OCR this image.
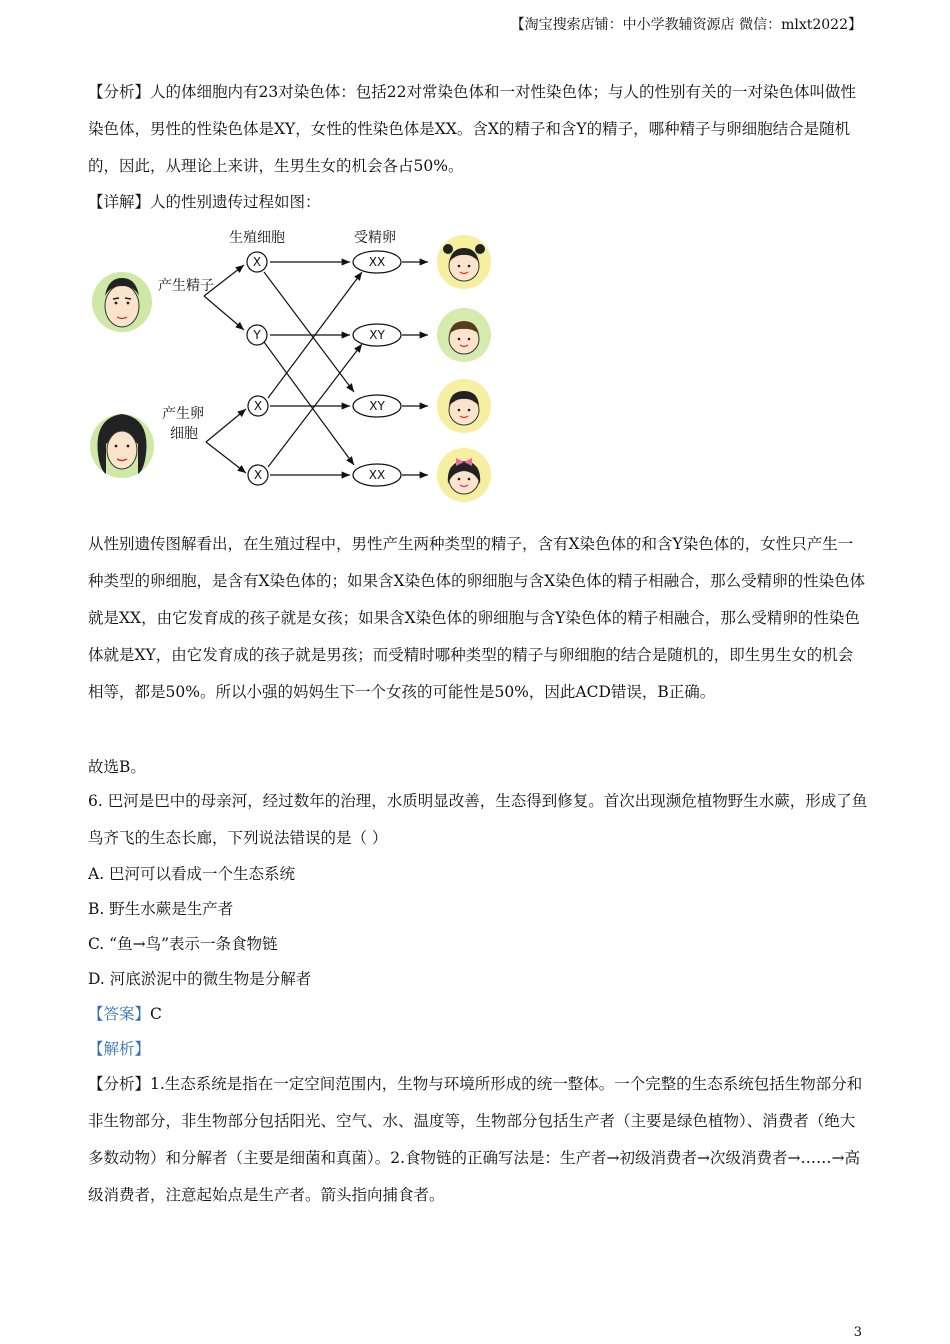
【淘宝搜索店铺：中小学教辅资源店 微信：mlxt2022】

【分析】人的体细胞内有23对染色体：包括22对常染色体和一对性染色体；与人的性别有关的一对染色体叫做性染色体，男性的性染色体是XY，女性的性染色体是XX。含X的精子和含Y的精子，哪种精子与卵细胞结合是随机的，因此，从理论上来讲，生男生女的机会各占50%。

【详解】人的性别遗传过程如图：
生殖细胞	受精卵
产生精子
产生卵
细胞
X
Y
X
X
XX
XY
XY
XX

从性别遗传图解看出，在生殖过程中，男性产生两种类型的精子，含有X染色体的和含Y染色体的，女性只产生一种类型的卵细胞，是含有X染色体的；如果含X染色体的卵细胞与含X染色体的精子相融合，那么受精卵的性染色体就是XX，由它发育成的孩子就是女孩；如果含X染色体的卵细胞与含Y染色体的精子相融合，那么受精卵的性染色体就是XY，由它发育成的孩子就是男孩；而受精时哪种类型的精子与卵细胞的结合是随机的，即生男生女的机会相等，都是50%。所以小强的妈妈生下一个女孩的可能性是50%，因此ACD错误，B正确。

故选B。

6. 巴河是巴中的母亲河，经过数年的治理，水质明显改善，生态得到修复。首次出现濒危植物野生水蕨，形成了鱼鸟齐飞的生态长廊，下列说法错误的是（ ）

A. 巴河可以看成一个生态系统
B. 野生水蕨是生产者
C. “鱼→鸟”表示一条食物链
D. 河底淤泥中的微生物是分解者
【答案】C
【解析】

【分析】1.生态系统是指在一定空间范围内，生物与环境所形成的统一整体。一个完整的生态系统包括生物部分和非生物部分，非生物部分包括阳光、空气、水、温度等，生物部分包括生产者（主要是绿色植物）、消费者（绝大多数动物）和分解者（主要是细菌和真菌）。2.食物链的正确写法是：生产者→初级消费者→次级消费者→……→高级消费者，注意起始点是生产者。箭头指向捕食者。

3
